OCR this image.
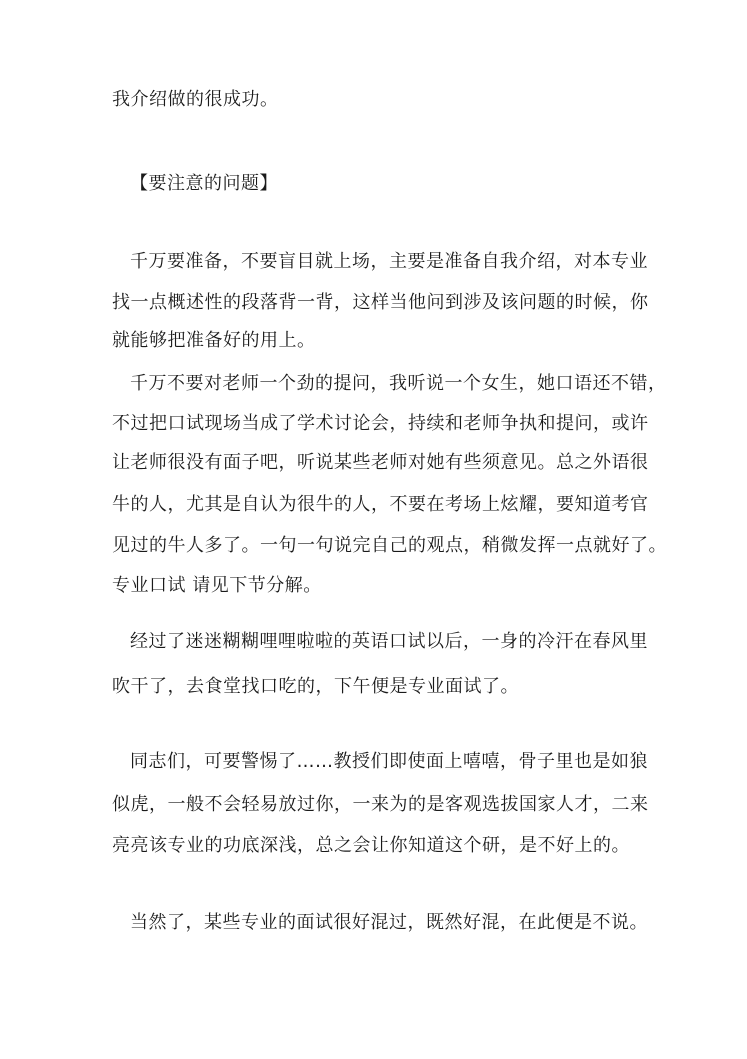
我介绍做的很成功。
【要注意的问题】
千万要准备，不要盲目就上场，主要是准备自我介绍，对本专业
找一点概述性的段落背一背，这样当他问到涉及该问题的时候，你
就能够把准备好的用上。
千万不要对老师一个劲的提问，我听说一个女生，她口语还不错，
不过把口试现场当成了学术讨论会，持续和老师争执和提问，或许
让老师很没有面子吧，听说某些老师对她有些须意见。总之外语很
牛的人，尤其是自认为很牛的人，不要在考场上炫耀，要知道考官
见过的牛人多了。一句一句说完自己的观点，稍微发挥一点就好了。
专业口试 请见下节分解。
经过了迷迷糊糊哩哩啦啦的英语口试以后，一身的冷汗在春风里
吹干了，去食堂找口吃的，下午便是专业面试了。
同志们，可要警惕了……教授们即使面上嘻嘻，骨子里也是如狼
似虎，一般不会轻易放过你，一来为的是客观选拔国家人才，二来
亮亮该专业的功底深浅，总之会让你知道这个研，是不好上的。
当然了，某些专业的面试很好混过，既然好混，在此便是不说。
